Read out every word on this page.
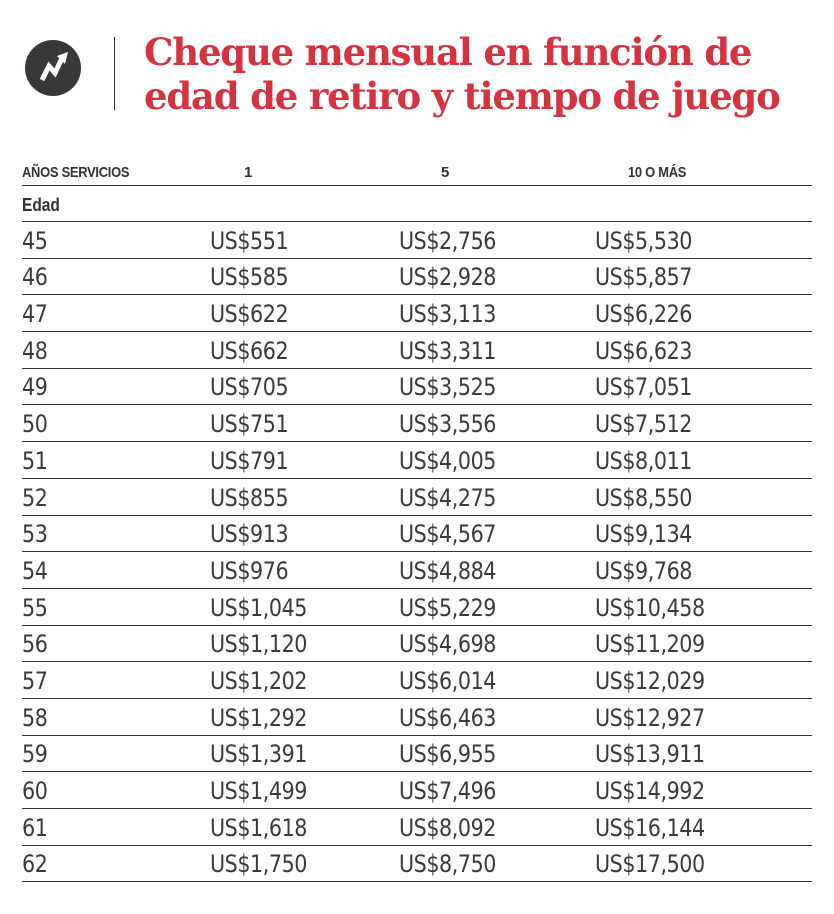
Cheque mensual en función de edad de retiro y tiempo de juego
AÑOS SERVICIOS	1	5	10 O MÁS
Edad
45	US$551	US$2,756	US$5,530
46	US$585	US$2,928	US$5,857
47	US$622	US$3,113	US$6,226
48	US$662	US$3,311	US$6,623
49	US$705	US$3,525	US$7,051
50	US$751	US$3,556	US$7,512
51	US$791	US$4,005	US$8,011
52	US$855	US$4,275	US$8,550
53	US$913	US$4,567	US$9,134
54	US$976	US$4,884	US$9,768
55	US$1,045	US$5,229	US$10,458
56	US$1,120	US$4,698	US$11,209
57	US$1,202	US$6,014	US$12,029
58	US$1,292	US$6,463	US$12,927
59	US$1,391	US$6,955	US$13,911
60	US$1,499	US$7,496	US$14,992
61	US$1,618	US$8,092	US$16,144
62	US$1,750	US$8,750	US$17,500
